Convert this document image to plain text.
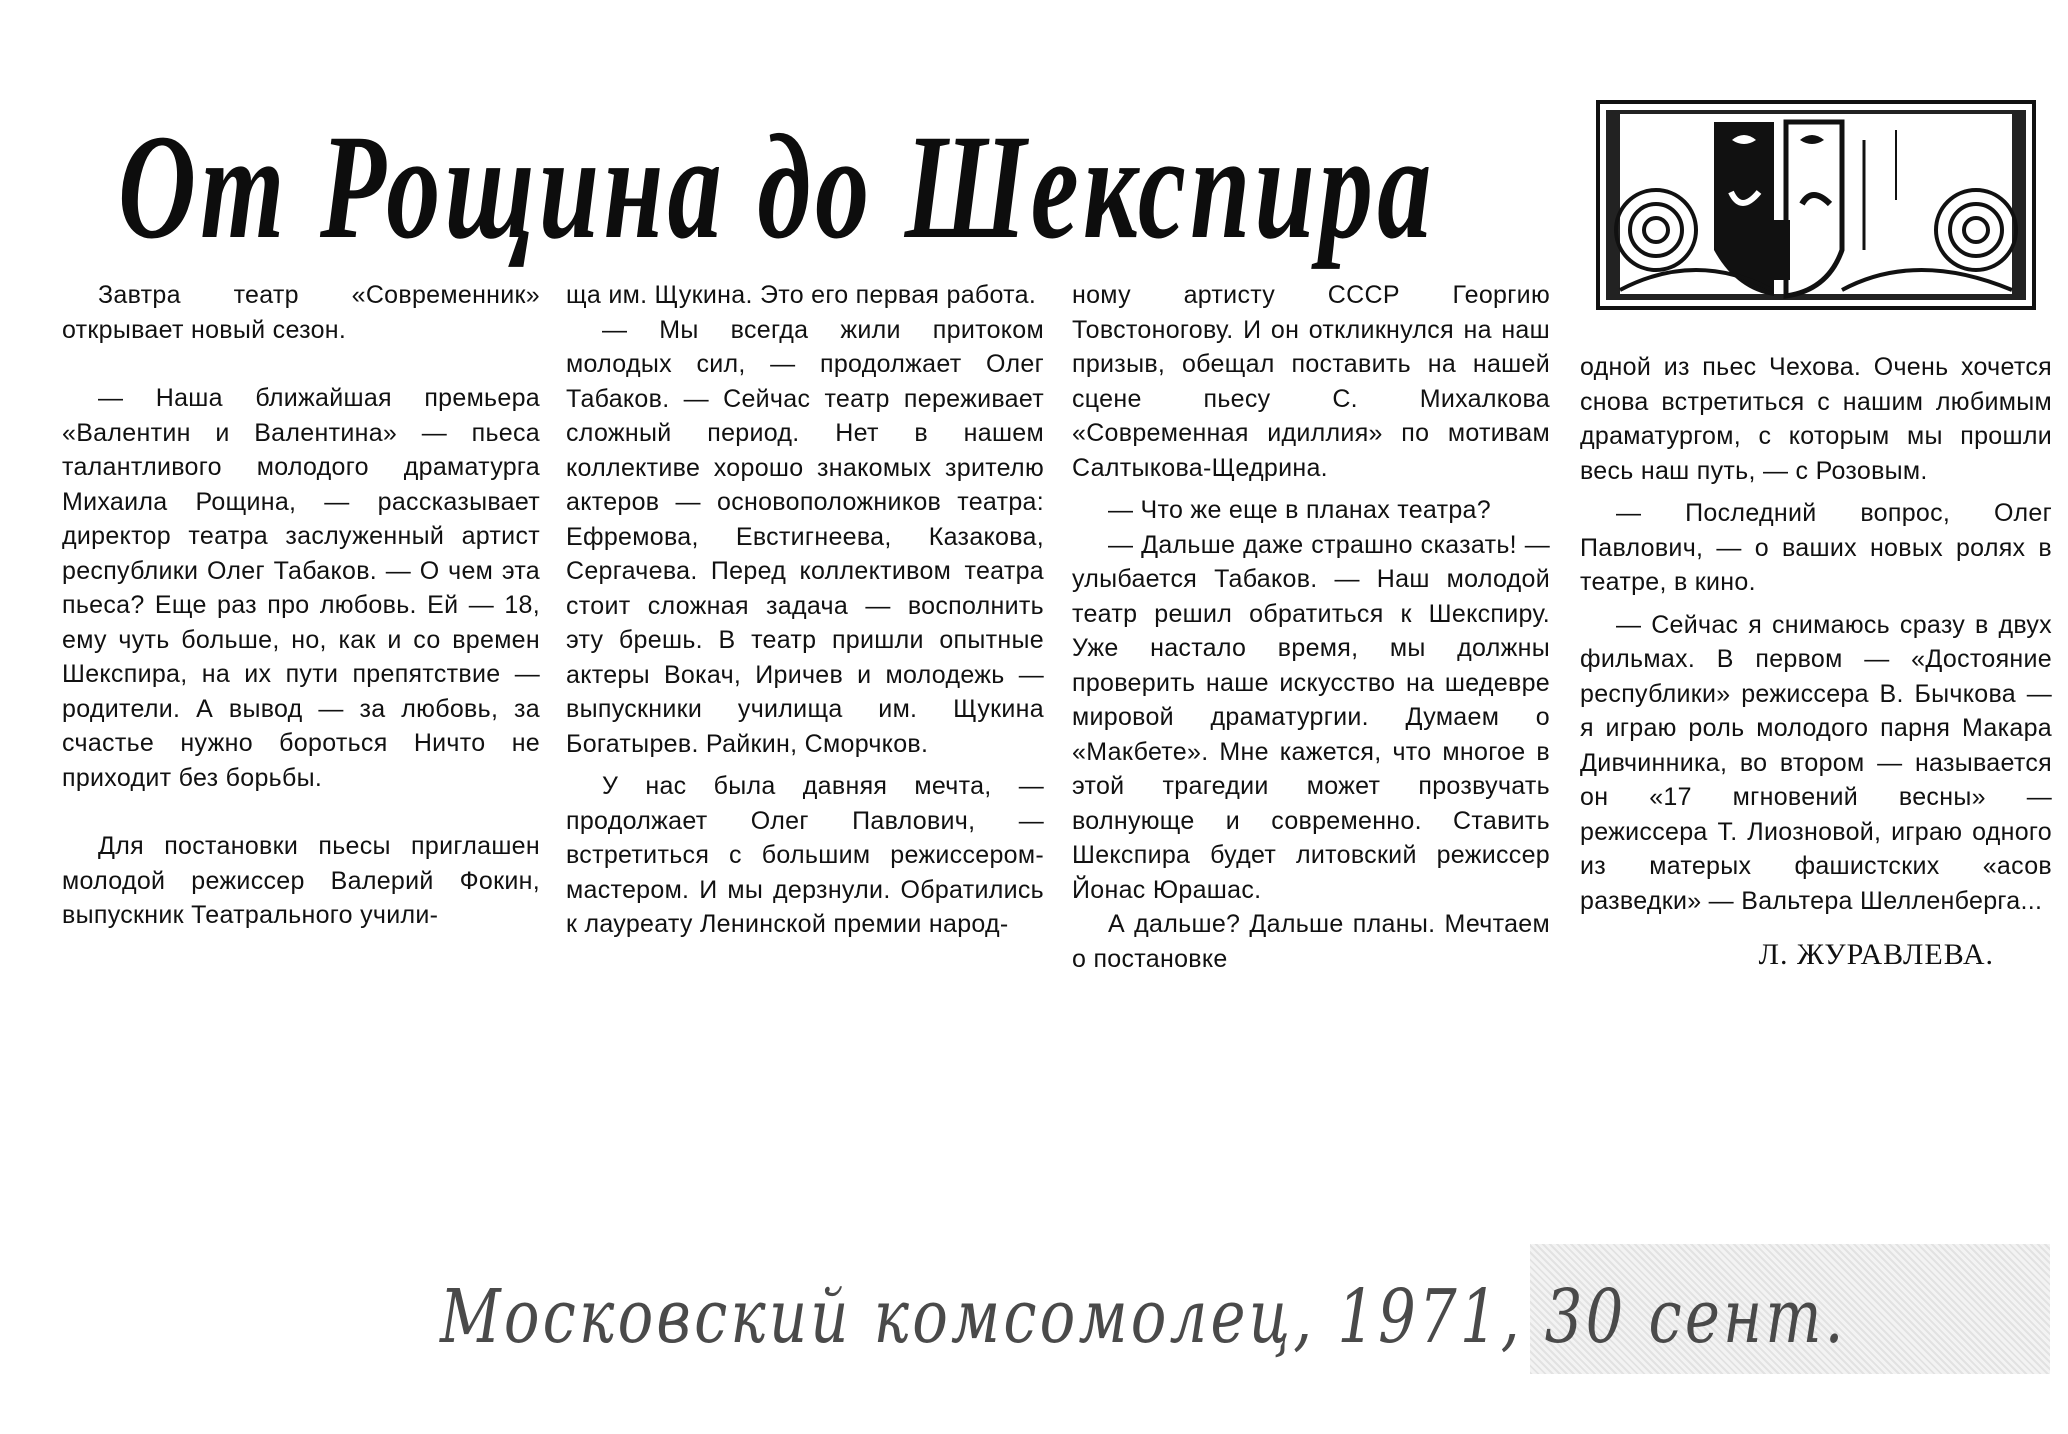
От Рощина до Шекспира

Завтра театр «Современник» открывает новый сезон.

— Наша ближайшая премьера «Валентин и Валентина» — пьеса талантливого молодого драматурга Михаила Рощина, — рассказывает директор театра заслуженный артист республики Олег Табаков. — О чем эта пьеса? Еще раз про любовь. Ей — 18, ему чуть больше, но, как и со времен Шекспира, на их пути препятствие — родители. А вывод — за любовь, за счастье нужно бороться Ничто не приходит без борьбы.

Для постановки пьесы приглашен молодой режиссер Валерий Фокин, выпускник Театрального учили-

ща им. Щукина. Это его первая работа.

— Мы всегда жили притоком молодых сил, — продолжает Олег Табаков. — Сейчас театр переживает сложный период. Нет в нашем коллективе хорошо знакомых зрителю актеров — основоположников театра: Ефремова, Евстигнеева, Казакова, Сергачева. Перед коллективом театра стоит сложная задача — восполнить эту брешь. В театр пришли опытные актеры Вокач, Иричев и молодежь — выпускники училища им. Щукина Богатырев. Райкин, Сморчков.

У нас была давняя мечта, — продолжает Олег Павлович, — встретиться с большим режиссером-мастером. И мы дерзнули. Обратились к лауреату Ленинской премии народ-

ному артисту СССР Георгию Товстоногову. И он откликнулся на наш призыв, обещал поставить на нашей сцене пьесу С. Михалкова «Современная идиллия» по мотивам Салтыкова-Щедрина.

— Что же еще в планах театра?

— Дальше даже страшно сказать! — улыбается Табаков. — Наш молодой театр решил обратиться к Шекспиру. Уже настало время, мы должны проверить наше искусство на шедевре мировой драматургии. Думаем о «Макбете». Мне кажется, что многое в этой трагедии может прозвучать волнующе и современно. Ставить Шекспира будет литовский режиссер Йонас Юрашас.

А дальше? Дальше планы. Мечтаем о постановке

одной из пьес Чехова. Очень хочется снова встретиться с нашим любимым драматургом, с которым мы прошли весь наш путь, — с Розовым.

— Последний вопрос, Олег Павлович, — о ваших новых ролях в театре, в кино.

— Сейчас я снимаюсь сразу в двух фильмах. В первом — «Достояние республики» режиссера В. Бычкова — я играю роль молодого парня Макара Дивчинника, во втором — называется он «17 мгновений весны» — режиссера Т. Лиозновой, играю одного из матерых фашистских «асов разведки» — Вальтера Шелленберга...

Л. ЖУРАВЛЕВА.
Московский комсомолец, 1971, 30 сент.
